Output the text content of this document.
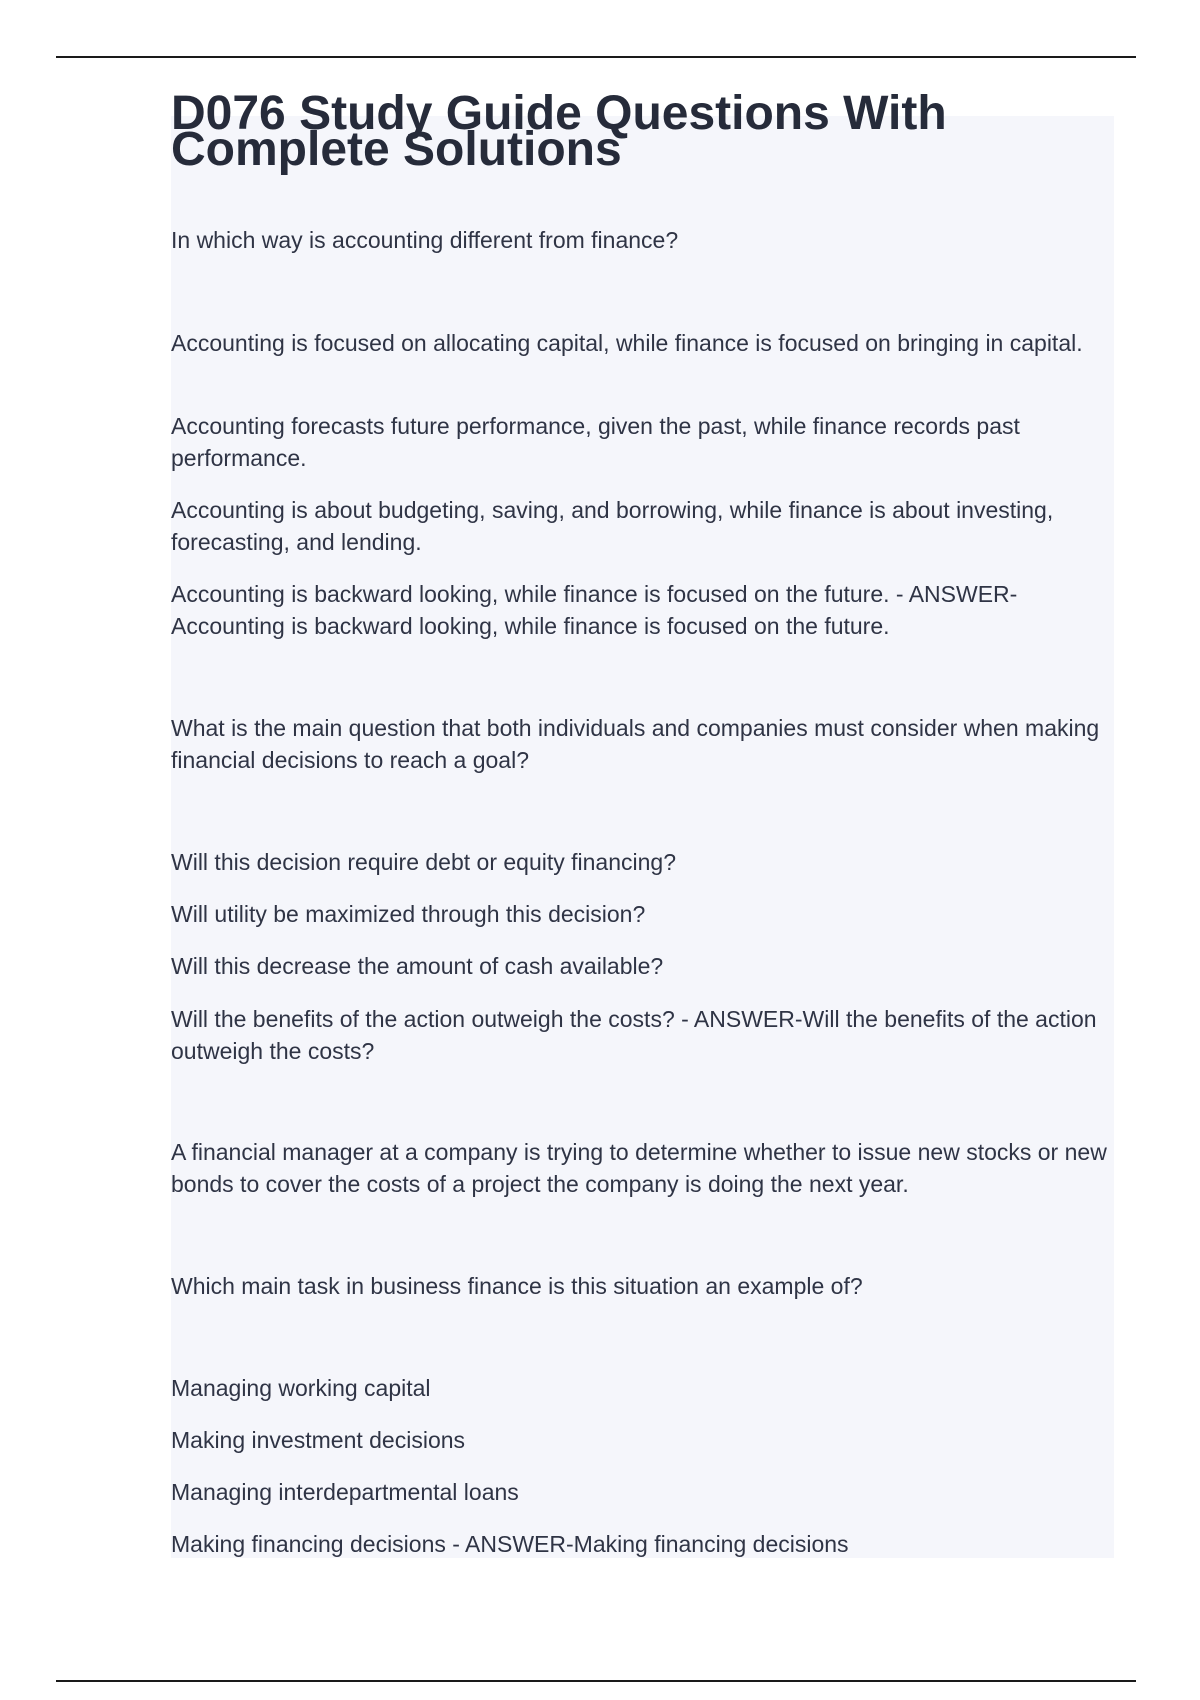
D076 Study Guide Questions With Complete Solutions

In which way is accounting different from finance?

Accounting is focused on allocating capital, while finance is focused on bringing in capital.

Accounting forecasts future performance, given the past, while finance records past performance.

Accounting is about budgeting, saving, and borrowing, while finance is about investing, forecasting, and lending.

Accounting is backward looking, while finance is focused on the future. - ANSWER-Accounting is backward looking, while finance is focused on the future.

What is the main question that both individuals and companies must consider when making financial decisions to reach a goal?

Will this decision require debt or equity financing?

Will utility be maximized through this decision?

Will this decrease the amount of cash available?

Will the benefits of the action outweigh the costs? - ANSWER-Will the benefits of the action outweigh the costs?

A financial manager at a company is trying to determine whether to issue new stocks or new bonds to cover the costs of a project the company is doing the next year.

Which main task in business finance is this situation an example of?

Managing working capital

Making investment decisions

Managing interdepartmental loans

Making financing decisions - ANSWER-Making financing decisions
